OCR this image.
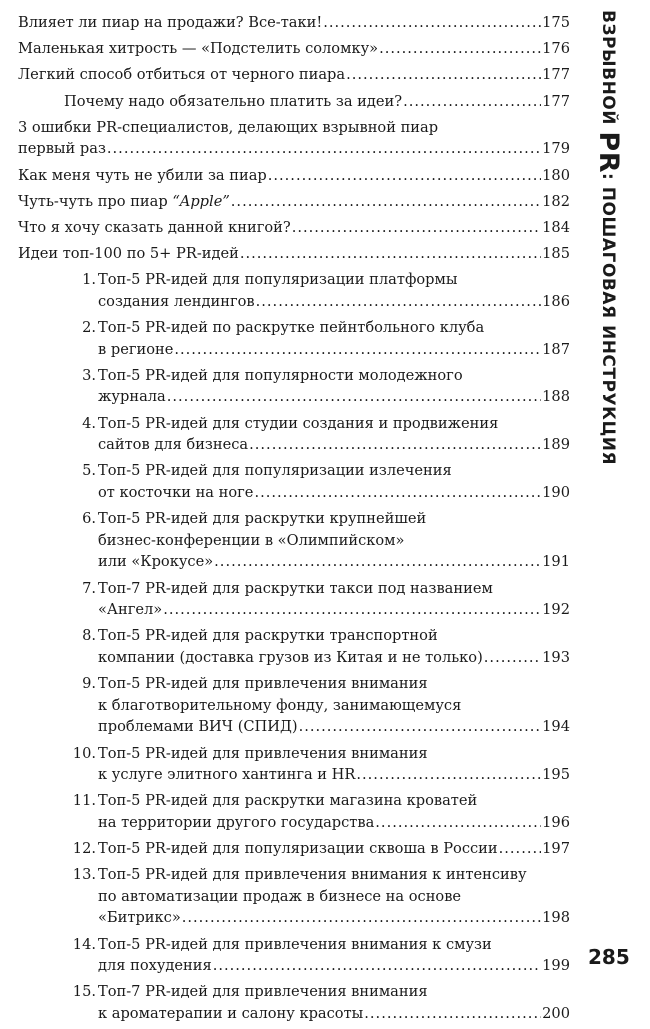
Влияет ли пиар на продажи? Все-таки! .....	175
Маленькая хитрость — «Подстелить соломку» .....	176
Легкий способ отбиться от черного пиара .....	177
Почему надо обязательно платить за идеи? .....	177
3 ошибки PR-специалистов, делающих взрывной пиар
первый раз .....	179
Как меня чуть не убили за пиар .....	180
Чуть-чуть про пиар “Apple” .....	182
Что я хочу сказать данной книгой? .....	184
Идеи топ-100 по 5+ PR-идей .....	185
1. Топ-5 PR-идей для популяризации платформы
создания лендингов .....	186
2. Топ-5 PR-идей по раскрутке пейнтбольного клуба
в регионе .....	187
3. Топ-5 PR-идей для популярности молодежного
журнала .....	188
4. Топ-5 PR-идей для студии создания и продвижения
сайтов для бизнеса .....	189
5. Топ-5 PR-идей для популяризации излечения
от косточки на ноге .....	190
6. Топ-5 PR-идей для раскрутки крупнейшей
бизнес-конференции в «Олимпийском»
или «Крокусе» .....	191
7. Топ-7 PR-идей для раскрутки такси под названием
«Ангел» .....	192
8. Топ-5 PR-идей для раскрутки транспортной
компании (доставка грузов из Китая и не только) .....	193
9. Топ-5 PR-идей для привлечения внимания
к благотворительному фонду, занимающемуся
проблемами ВИЧ (СПИД) .....	194
10. Топ-5 PR-идей для привлечения внимания
к услуге элитного хантинга и HR .....	195
11. Топ-5 PR-идей для раскрутки магазина кроватей
на территории другого государства .....	196
12. Топ-5 PR-идей для популяризации сквоша в России .....	197
13. Топ-5 PR-идей для привлечения внимания к интенсиву
по автоматизации продаж в бизнесе на основе
«Битрикс» .....	198
14. Топ-5 PR-идей для привлечения внимания к смузи
для похудения .....	199
15. Топ-7 PR-идей для привлечения внимания
к ароматерапии и салону красоты .....	200
ВЗРЫВНОЙ PR: ПОШАГОВАЯ ИНСТРУКЦИЯ
285
